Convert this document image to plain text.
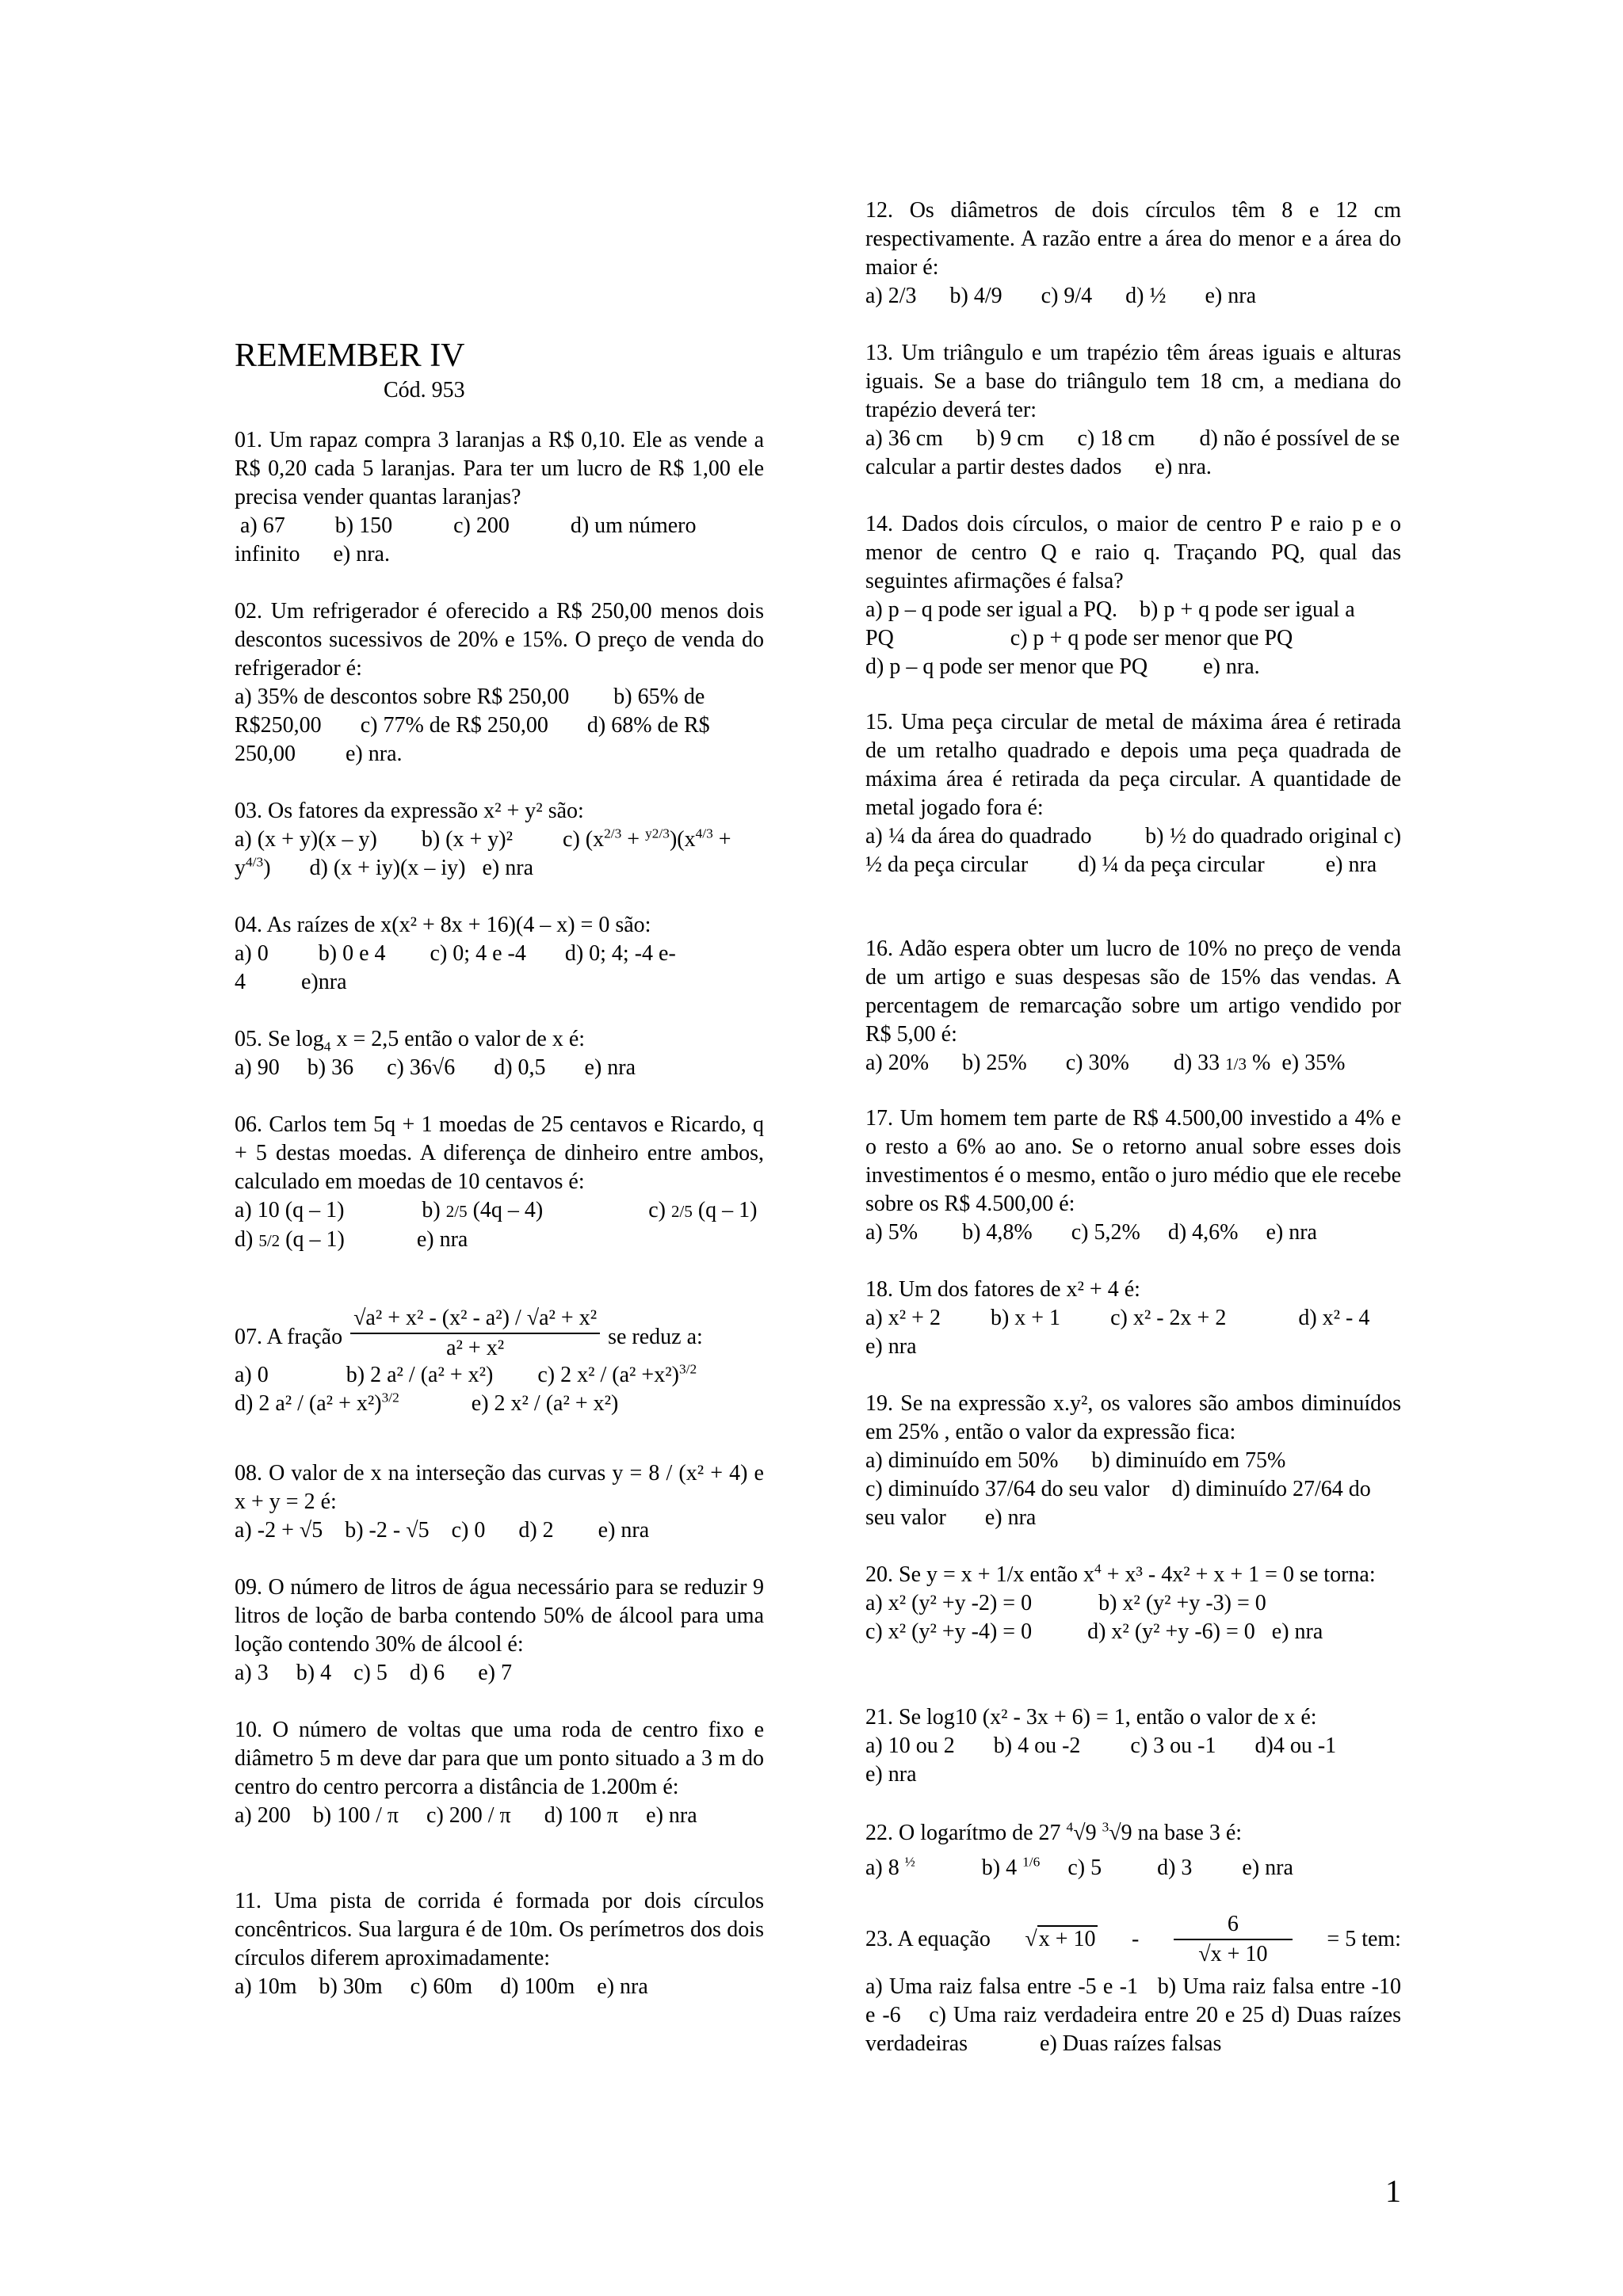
REMEMBER IV
Cód. 953

01. Um rapaz compra 3 laranjas a R$ 0,10. Ele as vende a R$ 0,20 cada 5 laranjas. Para ter um lucro de R$ 1,00 ele precisa vender quantas laranjas?

a) 67 b) 150	c) 200	d) um número infinito e) nra.

02. Um refrigerador é oferecido a R$ 250,00 menos dois descontos sucessivos de 20% e 15%. O preço de venda do refrigerador é:

a) 35% de descontos sobre R$ 250,00 b) 65% de R$250,00 c) 77% de R$ 250,00 d) 68% de R$ 250,00 e) nra.

03. Os fatores da expressão x² + y² são:

a) (x + y)(x – y) b) (x + y)² c) $(x^{2/3} + ^{y2/3})(x^{4/3} + y^{4/3})$ d) (x + iy)(x – iy) e) nra

04. As raízes de x(x² + 8x + 16)(4 – x) = 0 são:

a) 0 b) 0 e 4 c) 0; 4 e -4 d) 0; 4; -4 e-4	e)nra

05. Se $\log_4 x = 2,5$ então o valor de x é:

a) 90 b) 36 c) 36√6 d) 0,5 e) nra

06. Carlos tem 5q + 1 moedas de 25 centavos e Ricardo, q + 5 destas moedas. A diferença de dinheiro entre ambos, calculado em moedas de 10 centavos é:

a) 10 (q – 1)	b) 2/5 (4q – 4)	c) 2/5 (q – 1)
d) 5/2 (q – 1)	e) nra

07. A fração $\frac{\text{√a² + x² - (x² - a²) / √a² + x²}}{\text{a² + x²}}$ se reduz a:

a) 0	b) 2 a² / (a² + x²) c) 2 $x^2 / (a^2 +x^2)^{3/2}$
d) 2 $a^2 / (a^2 + x^2)^{3/2}$	e) 2 x² / (a² + x²)

08. O valor de x na interseção das curvas y = 8 / (x² + 4) e x + y = 2 é:

a) -2 + √5 b) -2 - √5 c) 0 d) 2 e) nra

09. O número de litros de água necessário para se reduzir 9 litros de loção de barba contendo 50% de álcool para uma loção contendo 30% de álcool é:

a) 3 b) 4 c) 5 d) 6 e) 7

10. O número de voltas que uma roda de centro fixo e diâmetro 5 m deve dar para que um ponto situado a 3 m do centro do centro percorra a distância de 1.200m é:

a) 200 b) 100 / π c) 200 / π d) 100 π e) nra

11. Uma pista de corrida é formada por dois círculos concêntricos. Sua largura é de 10m. Os perímetros dos dois círculos diferem aproximadamente:

a) 10m b) 30m c) 60m d) 100m e) nra

12. Os diâmetros de dois círculos têm 8 e 12 cm respectivamente. A razão entre a área do menor e a área do maior é:

a) 2/3 b) 4/9 c) 9/4 d) ½ e) nra

13. Um triângulo e um trapézio têm áreas iguais e alturas iguais. Se a base do triângulo tem 18 cm, a mediana do trapézio deverá ter:

a) 36 cm b) 9 cm c) 18 cm d) não é possível de se calcular a partir destes dados e) nra.

14. Dados dois círculos, o maior de centro P e raio p e o menor de centro Q e raio q. Traçando PQ, qual das seguintes afirmações é falsa?

a) p – q pode ser igual a PQ. b) p + q pode ser igual a PQ	c) p + q pode ser menor que PQ
d) p – q pode ser menor que PQ	e) nra.

15. Uma peça circular de metal de máxima área é retirada de um retalho quadrado e depois uma peça quadrada de máxima área é retirada da peça circular. A quantidade de metal jogado fora é:

a) ¼ da área do quadrado b) ½ do quadrado original c) ½ da peça circular d) ¼ da peça circular	e) nra

16. Adão espera obter um lucro de 10% no preço de venda de um artigo e suas despesas são de 15% das vendas. A percentagem de remarcação sobre um artigo vendido por R$ 5,00 é:

a) 20% b) 25% c) 30% d) 33 1/3 % e) 35%

17. Um homem tem parte de R$ 4.500,00 investido a 4% e o resto a 6% ao ano. Se o retorno anual sobre esses dois investimentos é o mesmo, então o juro médio que ele recebe sobre os R$ 4.500,00 é:

a) 5% b) 4,8% c) 5,2% d) 4,6% e) nra

18. Um dos fatores de x² + 4 é:

a) x² + 2 b) x + 1 c) x² - 2x + 2	d) x² - 4
e) nra

19. Se na expressão x.y², os valores são ambos diminuídos em 25% , então o valor da expressão fica:

a) diminuído em 50% b) diminuído em 75%
c) diminuído 37/64 do seu valor d) diminuído 27/64 do seu valor e) nra

20. Se y = x + 1/x então $x^4 + x^3 - 4x^2 + x + 1 = 0$ se torna:

a) x² (y² +y -2) = 0	b) x² (y² +y -3) = 0
c) x² (y² +y -4) = 0	d) x² (y² +y -6) = 0 e) nra

21. Se log10 (x² - 3x + 6) = 1, então o valor de x é:

a) 10 ou 2 b) 4 ou -2 c) 3 ou -1 d)4 ou -1
e) nra

22. O logarítmo de 27 $^4$√9 $^3$√9 na base 3 é:

a) 8 $^{\frac{1}{2}}$	b) 4 $^{1/6}$ c) 5	d) 3 e) nra

23. A equação $√x + 10 - \frac{6}{√x + 10} = 5$ tem:

a) Uma raiz falsa entre -5 e -1 b) Uma raiz falsa entre -10 e -6 c) Uma raiz verdadeira entre 20 e 25 d) Duas raízes verdadeiras	e) Duas raízes falsas

1
